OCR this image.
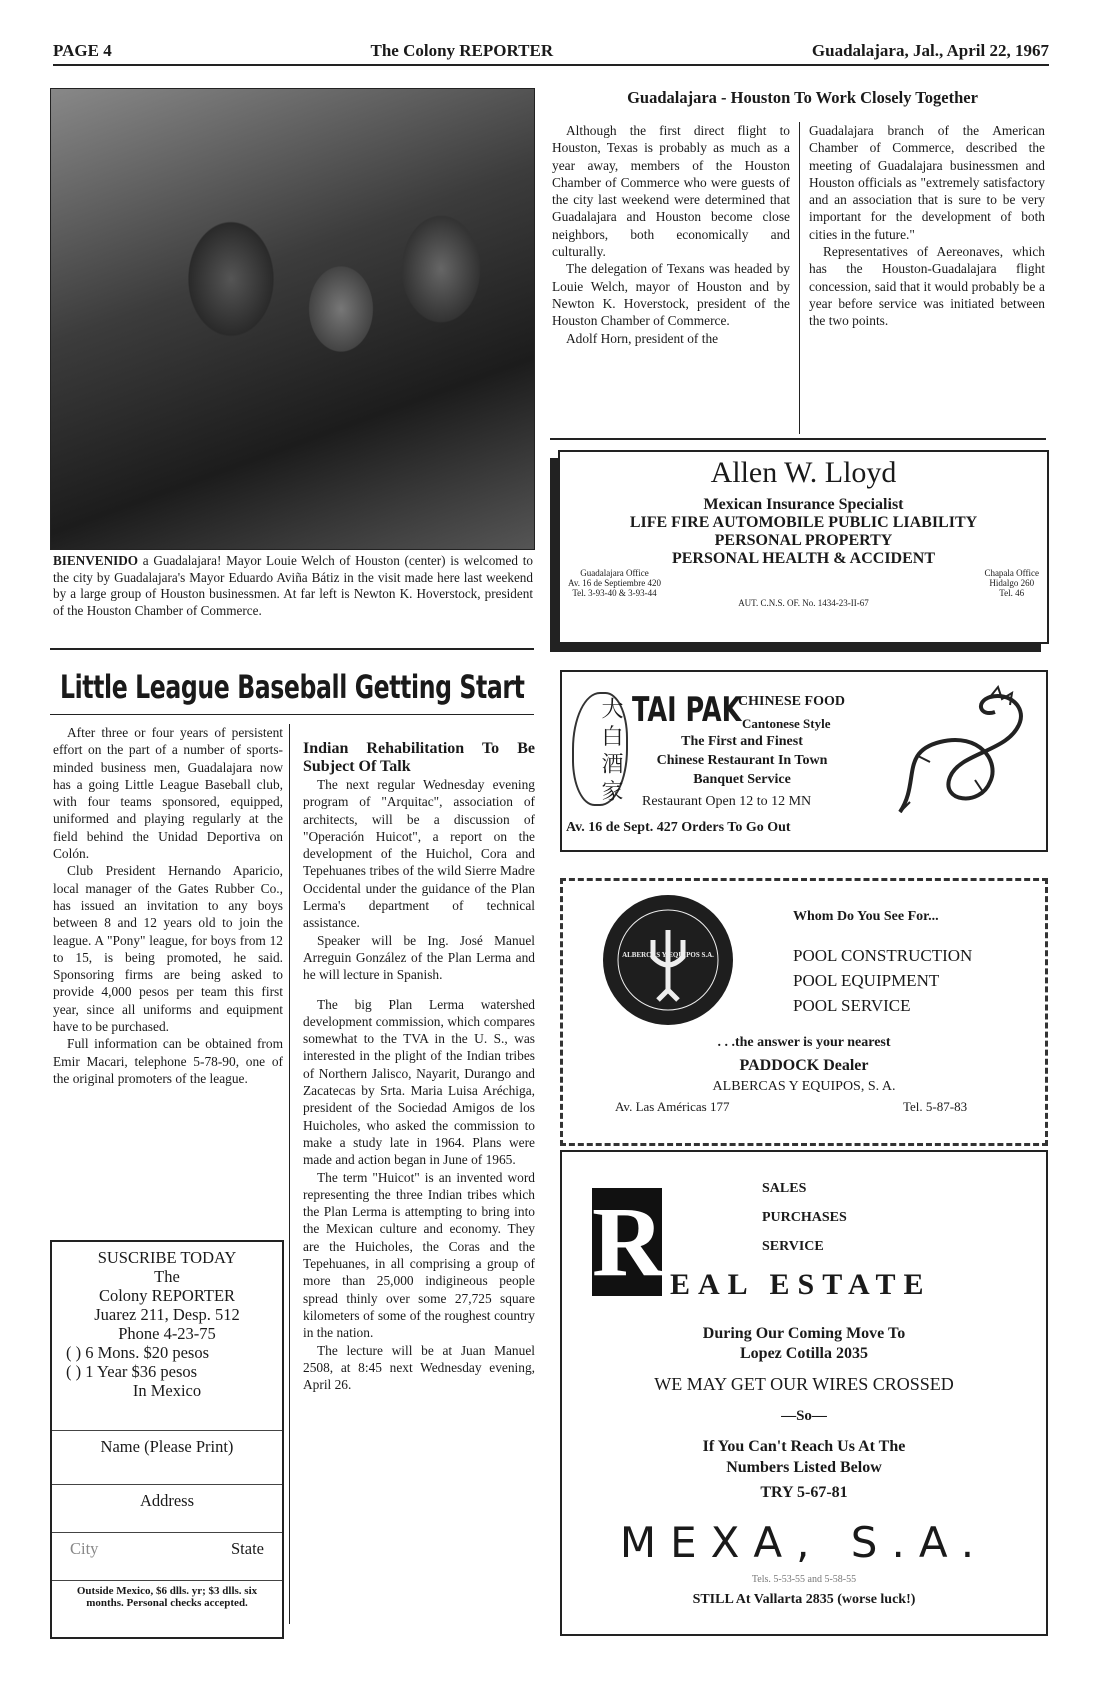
PAGE 4	The Colony REPORTER	Guadalajara, Jal., April 22, 1967
BIENVENIDO a Guadalajara! Mayor Louie Welch of Houston (center) is welcomed to the city by Guadalajara's Mayor Eduardo Aviña Bátiz in the visit made here last weekend by a large group of Houston businessmen. At far left is Newton K. Hoverstock, president of the Houston Chamber of Commerce.
Little League Baseball Getting Start

After three or four years of persistent effort on the part of a number of sports-minded business men, Guadalajara now has a going Little League Baseball club, with four teams sponsored, equipped, uniformed and playing regularly at the field behind the Unidad Deportiva on Colón.

Club President Hernando Aparicio, local manager of the Gates Rubber Co., has issued an invitation to any boys between 8 and 12 years old to join the league. A "Pony" league, for boys from 12 to 15, is being promoted, he said. Sponsoring firms are being asked to provide 4,000 pesos per team this first year, since all uniforms and equipment have to be purchased.

Full information can be obtained from Emir Macari, telephone 5-78-90, one of the original promoters of the league.

Indian Rehabilitation To Be Subject Of Talk

The next regular Wednesday evening program of "Arquitac", association of architects, will be a discussion of "Operación Huicot", a report on the development of the Huichol, Cora and Tepehuanes tribes of the wild Sierre Madre Occidental under the guidance of the Plan Lerma's department of technical assistance.

Speaker will be Ing. José Manuel Arreguin González of the Plan Lerma and he will lecture in Spanish.

The big Plan Lerma watershed development commission, which compares somewhat to the TVA in the U. S., was interested in the plight of the Indian tribes of Northern Jalisco, Nayarit, Durango and Zacatecas by Srta. Maria Luisa Aréchiga, president of the Sociedad Amigos de los Huicholes, who asked the commission to make a study late in 1964. Plans were made and action began in June of 1965.

The term "Huicot" is an invented word representing the three Indian tribes which the Plan Lerma is attempting to bring into the Mexican culture and economy. They are the Huicholes, the Coras and the Tepehuanes, in all comprising a group of more than 25,000 indigineous people spread thinly over some 27,725 square kilometers of some of the roughest country in the nation.

The lecture will be at Juan Manuel 2508, at 8:45 next Wednesday evening, April 26.

SUSCRIBE TODAY
The
Colony REPORTER
Juarez 211, Desp. 512
Phone 4-23-75
( ) 6 Mons. $20 pesos
( ) 1 Year $36 pesos
In Mexico
Name (Please Print)
Address
City	State
Outside Mexico, $6 dlls. yr; $3 dlls. six months. Personal checks accepted.
Guadalajara - Houston To Work Closely Together

Although the first direct flight to Houston, Texas is probably as much as a year away, members of the Houston Chamber of Commerce who were guests of the city last weekend were determined that Guadalajara and Houston become close neighbors, both economically and culturally.

The delegation of Texans was headed by Louie Welch, mayor of Houston and by Newton K. Hoverstock, president of the Houston Chamber of Commerce.

Adolf Horn, president of the

Guadalajara branch of the American Chamber of Commerce, described the meeting of Guadalajara businessmen and Houston officials as "extremely satisfactory and an association that is sure to be very important for the development of both cities in the future."

Representatives of Aereonaves, which has the Houston-Guadalajara flight concession, said that it would probably be a year before service was initiated between the two points.

Allen W. Lloyd
Mexican Insurance Specialist
LIFE FIRE AUTOMOBILE PUBLIC LIABILITY
PERSONAL PROPERTY
PERSONAL HEALTH & ACCIDENT
Guadalajara Office
Av. 16 de Septiembre 420
Tel. 3-93-40 & 3-93-44
Chapala Office
Hidalgo 260
Tel. 46
AUT. C.N.S. OF. No. 1434-23-II-67
大 白 酒 家 TAI PAK
CHINESE FOOD
Cantonese Style
The First and Finest
Chinese Restaurant In Town
Banquet Service
Restaurant Open 12 to 12 MN
Av. 16 de Sept. 427 Orders To Go Out
ALBERCAS Y EQUIPOS S.A.
Whom Do You See For...
POOL CONSTRUCTION
POOL EQUIPMENT
POOL SERVICE
. . .the answer is your nearest
PADDOCK Dealer
ALBERCAS Y EQUIPOS, S. A.
Av. Las Américas 177	Tel. 5-87-83
SALES
PURCHASES
SERVICE
R EAL ESTATE
During Our Coming Move To
Lopez Cotilla 2035
WE MAY GET OUR WIRES CROSSED
—So—
If You Can't Reach Us At The
Numbers Listed Below
TRY 5-67-81
MEXA, S.A.
Tels. 5-53-55 and 5-58-55
STILL At Vallarta 2835 (worse luck!)
